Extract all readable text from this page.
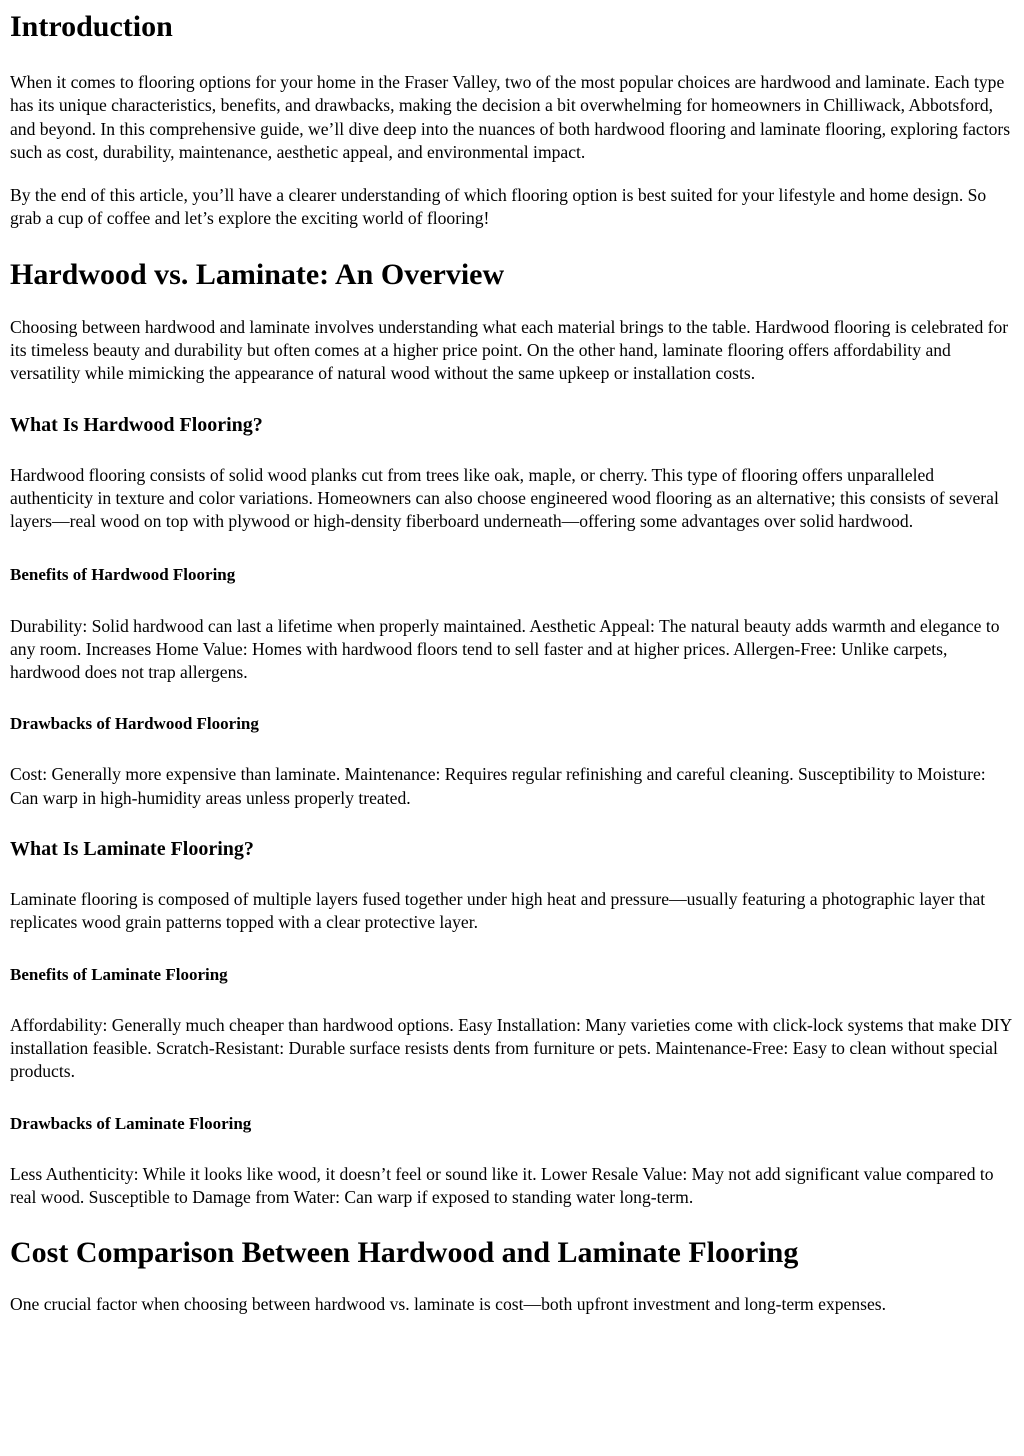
Introduction

When it comes to flooring options for your home in the Fraser Valley, two of the most popular choices are hardwood and laminate. Each type has its unique characteristics, benefits, and drawbacks, making the decision a bit overwhelming for homeowners in Chilliwack, Abbotsford, and beyond. In this comprehensive guide, we’ll dive deep into the nuances of both hardwood flooring and laminate flooring, exploring factors such as cost, durability, maintenance, aesthetic appeal, and environmental impact.

By the end of this article, you’ll have a clearer understanding of which flooring option is best suited for your lifestyle and home design. So grab a cup of coffee and let’s explore the exciting world of flooring!

Hardwood vs. Laminate: An Overview

Choosing between hardwood and laminate involves understanding what each material brings to the table. Hardwood flooring is celebrated for its timeless beauty and durability but often comes at a higher price point. On the other hand, laminate flooring offers affordability and versatility while mimicking the appearance of natural wood without the same upkeep or installation costs.

What Is Hardwood Flooring?

Hardwood flooring consists of solid wood planks cut from trees like oak, maple, or cherry. This type of flooring offers unparalleled authenticity in texture and color variations. Homeowners can also choose engineered wood flooring as an alternative; this consists of several layers—real wood on top with plywood or high-density fiberboard underneath—offering some advantages over solid hardwood.

Benefits of Hardwood Flooring

Durability: Solid hardwood can last a lifetime when properly maintained. Aesthetic Appeal: The natural beauty adds warmth and elegance to any room. Increases Home Value: Homes with hardwood floors tend to sell faster and at higher prices. Allergen-Free: Unlike carpets, hardwood does not trap allergens.

Drawbacks of Hardwood Flooring

Cost: Generally more expensive than laminate. Maintenance: Requires regular refinishing and careful cleaning. Susceptibility to Moisture: Can warp in high-humidity areas unless properly treated.

What Is Laminate Flooring?

Laminate flooring is composed of multiple layers fused together under high heat and pressure—usually featuring a photographic layer that replicates wood grain patterns topped with a clear protective layer.

Benefits of Laminate Flooring

Affordability: Generally much cheaper than hardwood options. Easy Installation: Many varieties come with click-lock systems that make DIY installation feasible. Scratch-Resistant: Durable surface resists dents from furniture or pets. Maintenance-Free: Easy to clean without special products.

Drawbacks of Laminate Flooring

Less Authenticity: While it looks like wood, it doesn’t feel or sound like it. Lower Resale Value: May not add significant value compared to real wood. Susceptible to Damage from Water: Can warp if exposed to standing water long-term.

Cost Comparison Between Hardwood and Laminate Flooring

One crucial factor when choosing between hardwood vs. laminate is cost—both upfront investment and long-term expenses.
